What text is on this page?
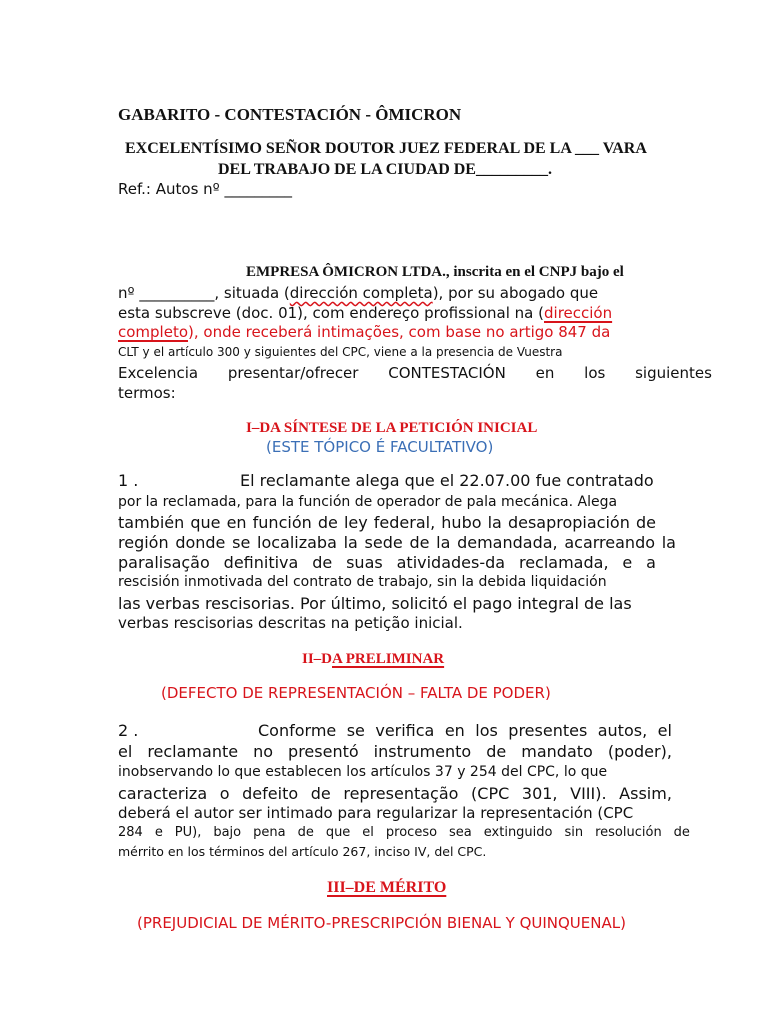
GABARITO - CONTESTACIÓN - ÔMICRON
EXCELENTÍSIMO SEÑOR DOUTOR JUEZ FEDERAL DE LA ___ VARA
DEL TRABAJO DE LA CIUDAD DE_________.
Ref.: Autos nº _________
EMPRESA ÔMICRON LTDA., inscrita en el CNPJ bajo el
nº __________, situada (dirección completa), por su abogado que
esta subscreve (doc. 01), com endereço profissional na (dirección
completo), onde receberá intimações, com base no artigo 847 da
CLT y el artículo 300 y siguientes del CPC, viene a la presencia de Vuestra
Excelencia presentar/ofrecer CONTESTACIÓN en los siguientes
termos:
I–DA SÍNTESE DE LA PETICIÓN INICIAL
(ESTE TÓPICO É FACULTATIVO)
1 .	El reclamante alega que el 22.07.00 fue contratado
por la reclamada, para la función de operador de pala mecánica. Alega
también que en función de ley federal, hubo la desapropiación de
región donde se localizaba la sede de la demandada, acarreando la
paralisação definitiva de suas atividades-da reclamada, e a
rescisión inmotivada del contrato de trabajo, sin la debida liquidación
las verbas rescisorias. Por último, solicitó el pago integral de las
verbas rescisorias descritas na petição inicial.
II–DA PRELIMINAR
(DEFECTO DE REPRESENTACIÓN – FALTA DE PODER)
2 .	Conforme se verifica en los presentes autos, el
el reclamante no presentó instrumento de mandato (poder),
inobservando lo que establecen los artículos 37 y 254 del CPC, lo que
caracteriza o defeito de representação (CPC 301, VIII). Assim,
deberá el autor ser intimado para regularizar la representación (CPC
284 e PU), bajo pena de que el proceso sea extinguido sin resolución de
mérrito en los términos del artículo 267, inciso IV, del CPC.
III–DE MÉRITO
(PREJUDICIAL DE MÉRITO-PRESCRIPCIÓN BIENAL Y QUINQUENAL)
